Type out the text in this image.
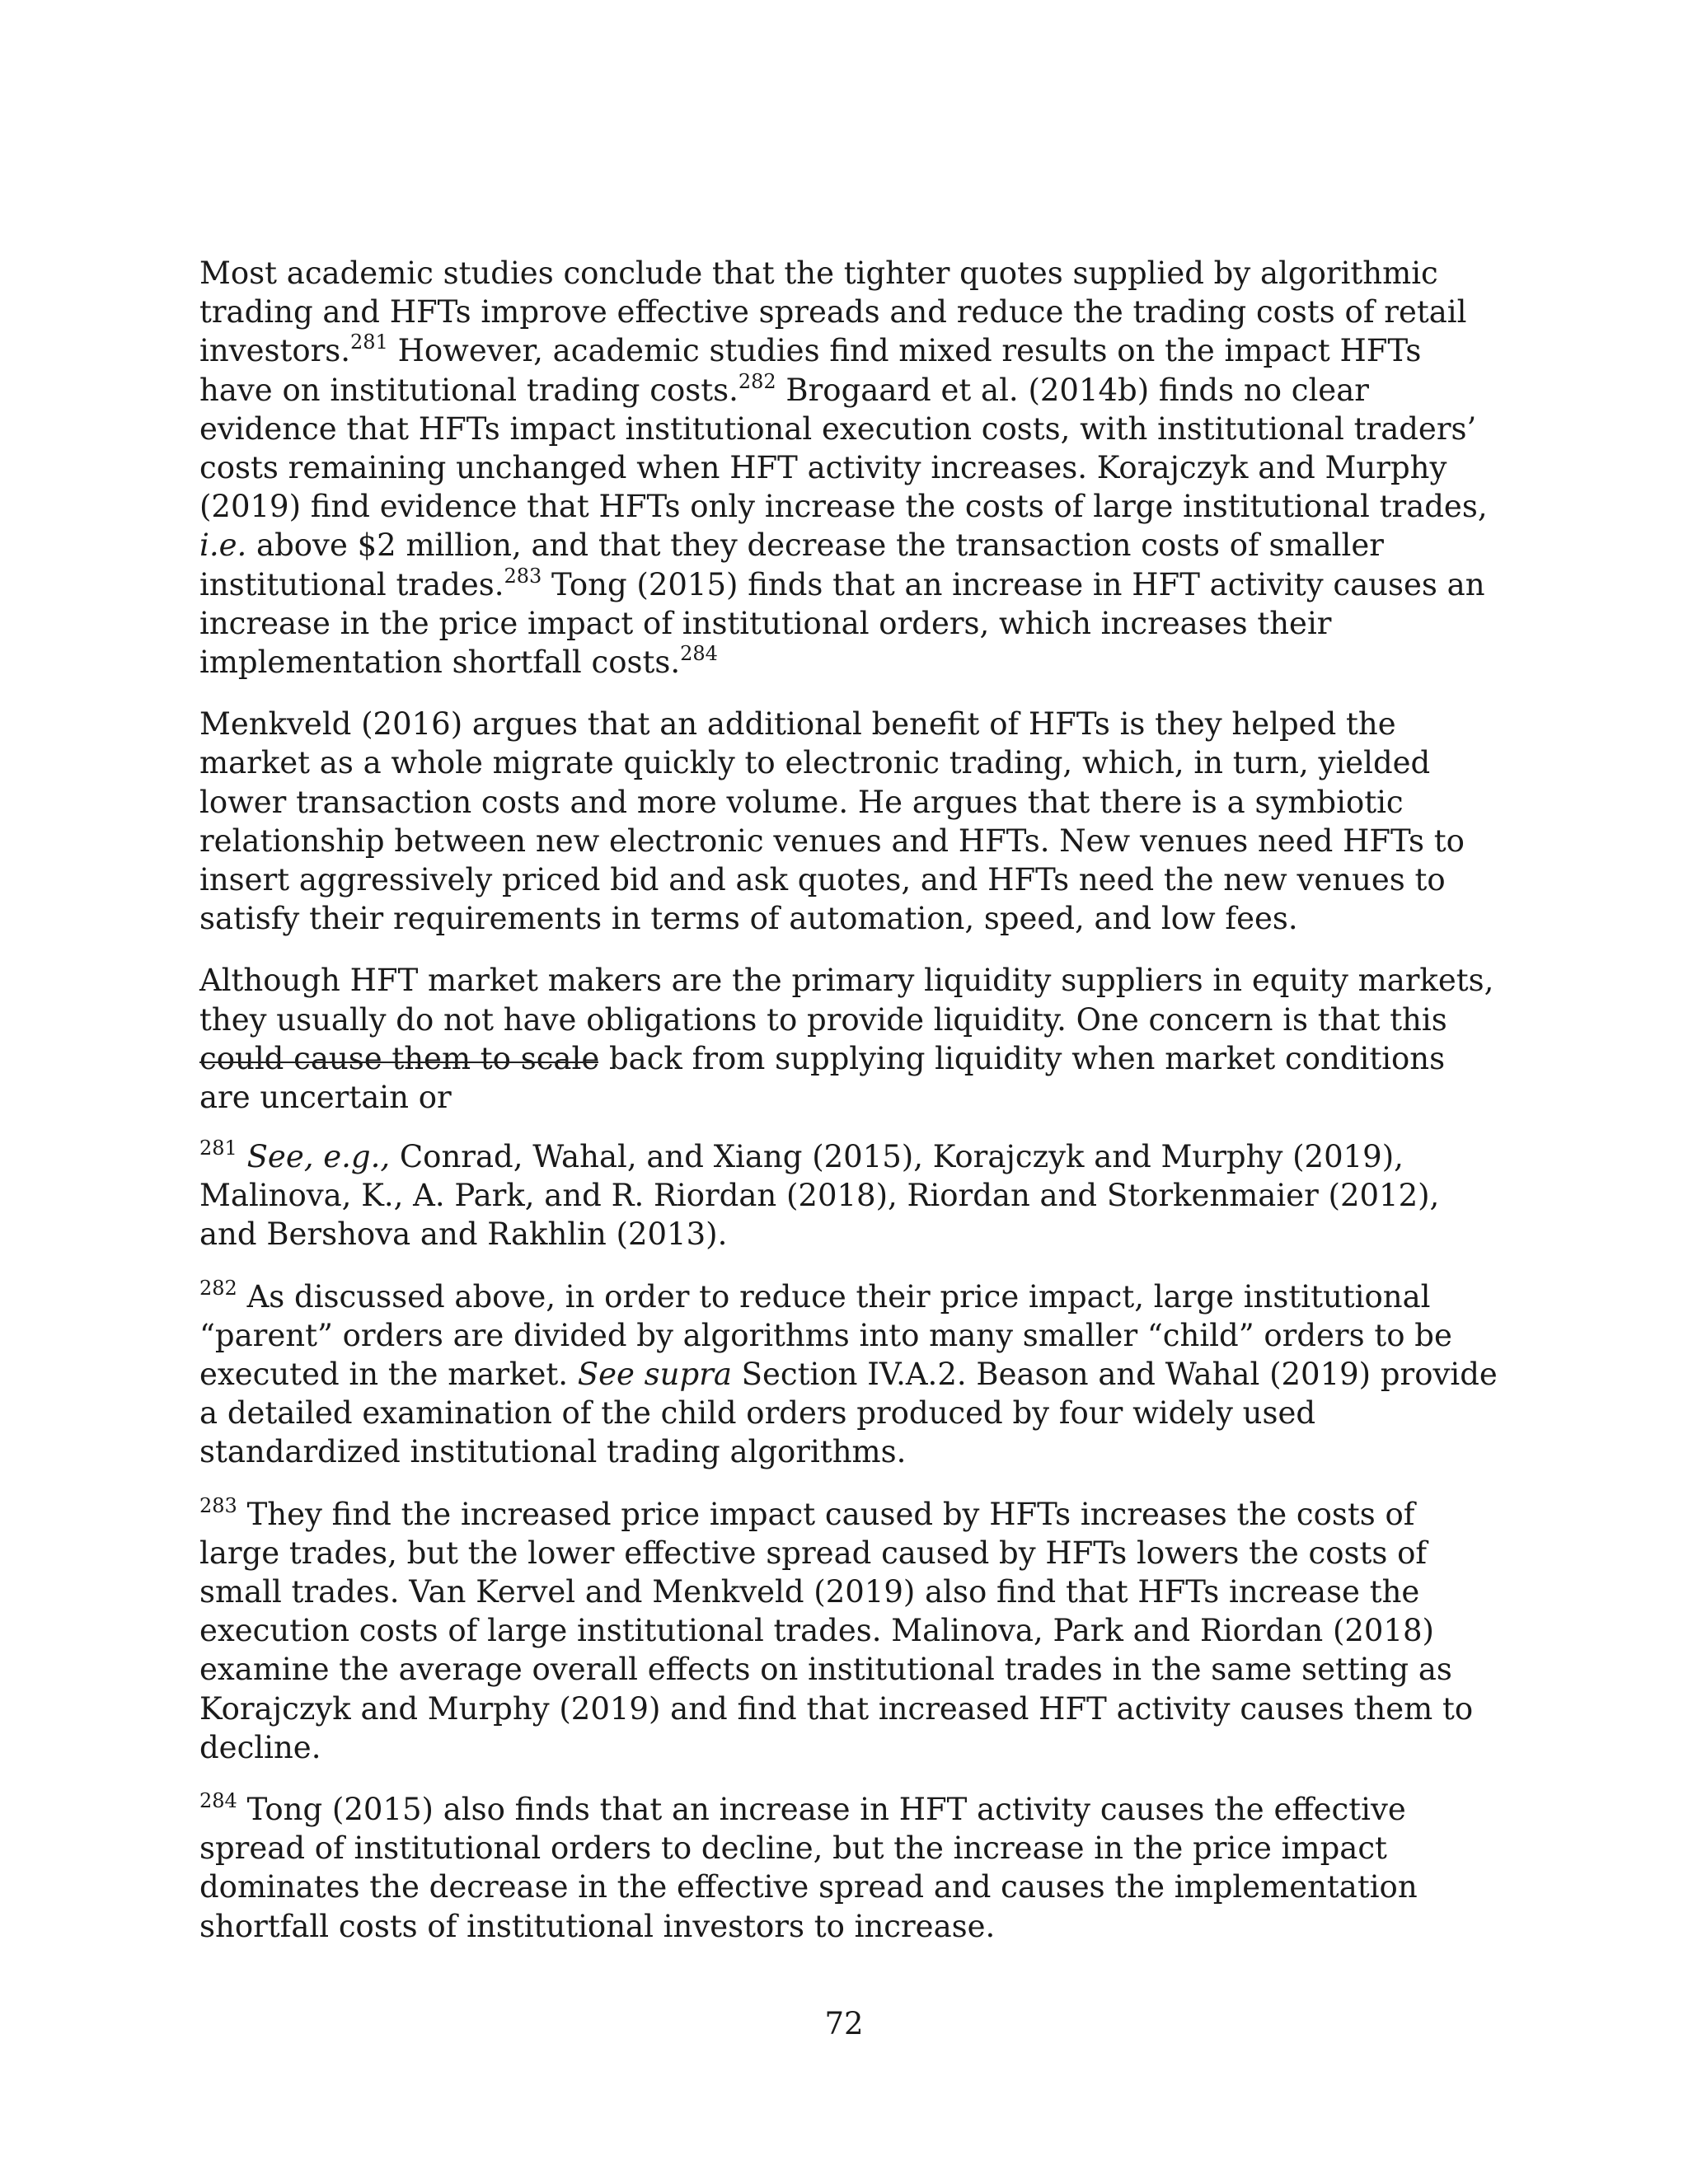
Most academic studies conclude that the tighter quotes supplied by algorithmic trading and HFTs improve effective spreads and reduce the trading costs of retail investors.$^{281}$ However, academic studies find mixed results on the impact HFTs have on institutional trading costs.$^{282}$ Brogaard et al. (2014b) finds no clear evidence that HFTs impact institutional execution costs, with institutional traders’ costs remaining unchanged when HFT activity increases. Korajczyk and Murphy (2019) find evidence that HFTs only increase the costs of large institutional trades, i.e. above $2 million, and that they decrease the transaction costs of smaller institutional trades.$^{283}$ Tong (2015) finds that an increase in HFT activity causes an increase in the price impact of institutional orders, which increases their implementation shortfall costs.$^{284}$

Menkveld (2016) argues that an additional benefit of HFTs is they helped the market as a whole migrate quickly to electronic trading, which, in turn, yielded lower transaction costs and more volume. He argues that there is a symbiotic relationship between new electronic venues and HFTs. New venues need HFTs to insert aggressively priced bid and ask quotes, and HFTs need the new venues to satisfy their requirements in terms of automation, speed, and low fees.

Although HFT market makers are the primary liquidity suppliers in equity markets, they usually do not have obligations to provide liquidity. One concern is that this could cause them to scale back from supplying liquidity when market conditions are uncertain or

$^{281}$ See, e.g., Conrad, Wahal, and Xiang (2015), Korajczyk and Murphy (2019), Malinova, K., A. Park, and R. Riordan (2018), Riordan and Storkenmaier (2012), and Bershova and Rakhlin (2013).

$^{282}$ As discussed above, in order to reduce their price impact, large institutional “parent” orders are divided by algorithms into many smaller “child” orders to be executed in the market. See supra Section IV.A.2. Beason and Wahal (2019) provide a detailed examination of the child orders produced by four widely used standardized institutional trading algorithms.

$^{283}$ They find the increased price impact caused by HFTs increases the costs of large trades, but the lower effective spread caused by HFTs lowers the costs of small trades. Van Kervel and Menkveld (2019) also find that HFTs increase the execution costs of large institutional trades. Malinova, Park and Riordan (2018) examine the average overall effects on institutional trades in the same setting as Korajczyk and Murphy (2019) and find that increased HFT activity causes them to decline.

$^{284}$ Tong (2015) also finds that an increase in HFT activity causes the effective spread of institutional orders to decline, but the increase in the price impact dominates the decrease in the effective spread and causes the implementation shortfall costs of institutional investors to increase.

72
